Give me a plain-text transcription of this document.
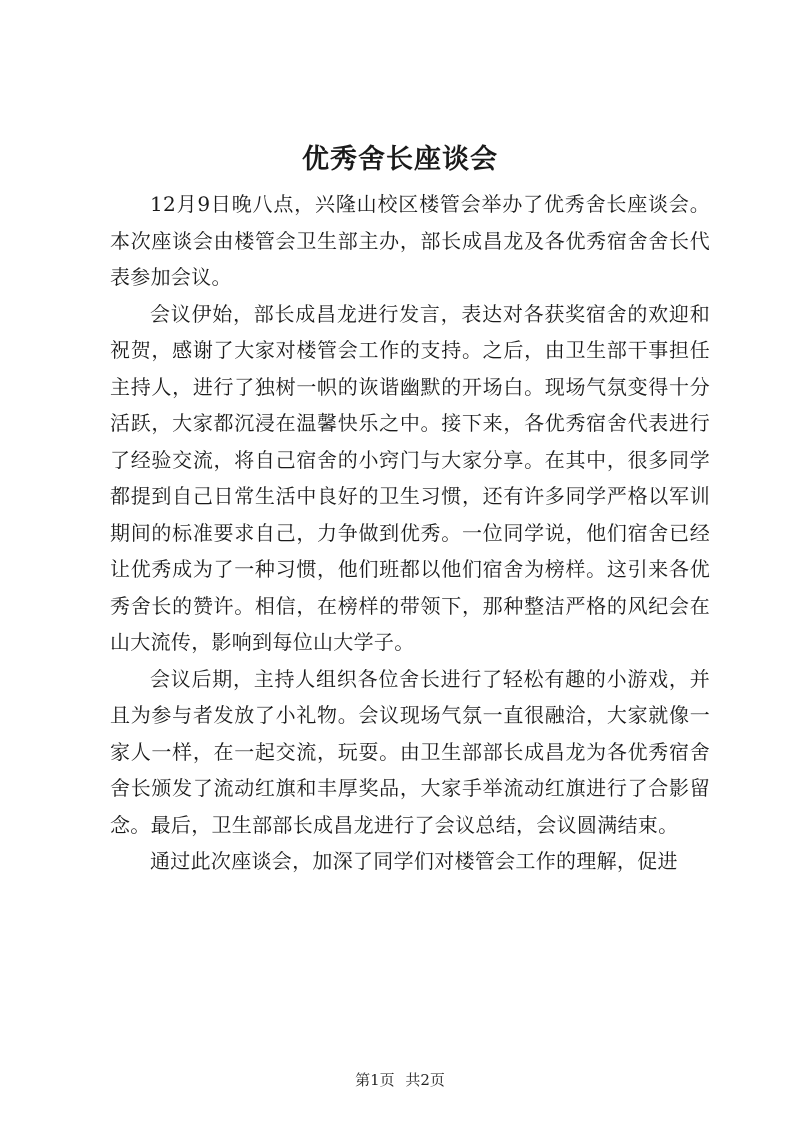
优秀舍长座谈会

12月9日晚八点，兴隆山校区楼管会举办了优秀舍长座谈会。本次座谈会由楼管会卫生部主办，部长成昌龙及各优秀宿舍舍长代表参加会议。

会议伊始，部长成昌龙进行发言，表达对各获奖宿舍的欢迎和祝贺，感谢了大家对楼管会工作的支持。之后，由卫生部干事担任主持人，进行了独树一帜的诙谐幽默的开场白。现场气氛变得十分活跃，大家都沉浸在温馨快乐之中。接下来，各优秀宿舍代表进行了经验交流，将自己宿舍的小窍门与大家分享。在其中，很多同学都提到自己日常生活中良好的卫生习惯，还有许多同学严格以军训期间的标准要求自己，力争做到优秀。一位同学说，他们宿舍已经让优秀成为了一种习惯，他们班都以他们宿舍为榜样。这引来各优秀舍长的赞许。相信，在榜样的带领下，那种整洁严格的风纪会在山大流传，影响到每位山大学子。

会议后期，主持人组织各位舍长进行了轻松有趣的小游戏，并且为参与者发放了小礼物。会议现场气氛一直很融洽，大家就像一家人一样，在一起交流，玩耍。由卫生部部长成昌龙为各优秀宿舍舍长颁发了流动红旗和丰厚奖品，大家手举流动红旗进行了合影留念。最后，卫生部部长成昌龙进行了会议总结，会议圆满结束。

通过此次座谈会，加深了同学们对楼管会工作的理解，促进

第1页 共2页
